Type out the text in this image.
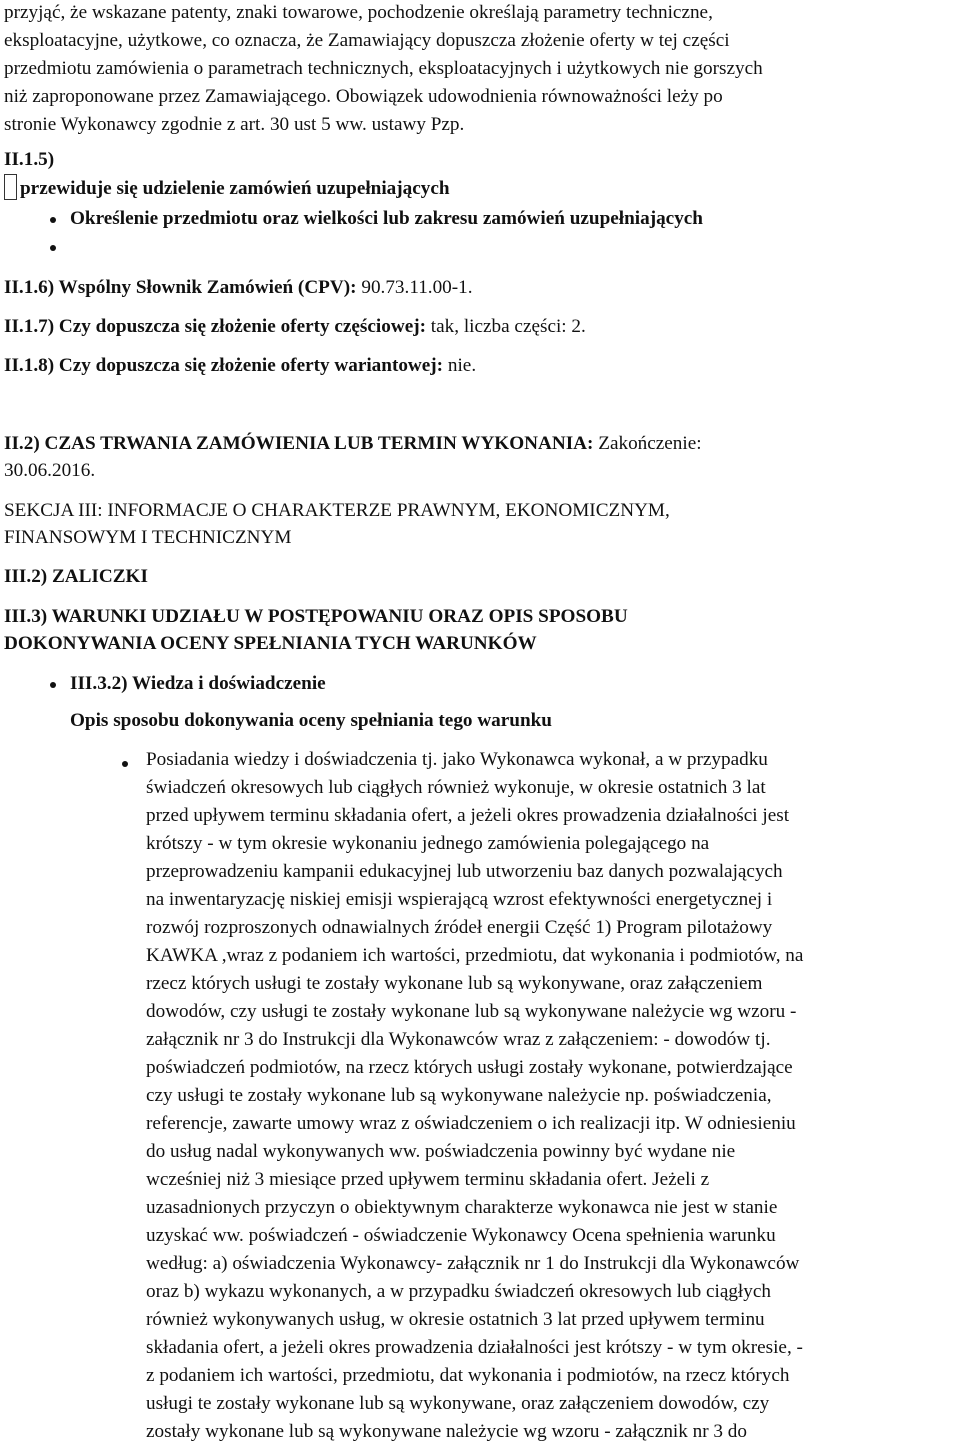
przyjąć, że wskazane patenty, znaki towarowe, pochodzenie określają parametry techniczne,
eksploatacyjne, użytkowe, co oznacza, że Zamawiający dopuszcza złożenie oferty w tej części
przedmiotu zamówienia o parametrach technicznych, eksploatacyjnych i użytkowych nie gorszych
niż zaproponowane przez Zamawiającego. Obowiązek udowodnienia równoważności leży po
stronie Wykonawcy zgodnie z art. 30 ust 5 ww. ustawy Pzp.
II.1.5)
przewiduje się udzielenie zamówień uzupełniających
Określenie przedmiotu oraz wielkości lub zakresu zamówień uzupełniających
II.1.6) Wspólny Słownik Zamówień (CPV): 90.73.11.00-1.
II.1.7) Czy dopuszcza się złożenie oferty częściowej: tak, liczba części: 2.
II.1.8) Czy dopuszcza się złożenie oferty wariantowej: nie.
II.2) CZAS TRWANIA ZAMÓWIENIA LUB TERMIN WYKONANIA: Zakończenie:
30.06.2016.
SEKCJA III: INFORMACJE O CHARAKTERZE PRAWNYM, EKONOMICZNYM,
FINANSOWYM I TECHNICZNYM
III.2) ZALICZKI
III.3) WARUNKI UDZIAŁU W POSTĘPOWANIU ORAZ OPIS SPOSOBU
DOKONYWANIA OCENY SPEŁNIANIA TYCH WARUNKÓW
III.3.2) Wiedza i doświadczenie
Opis sposobu dokonywania oceny spełniania tego warunku
Posiadania wiedzy i doświadczenia tj. jako Wykonawca wykonał, a w przypadku
świadczeń okresowych lub ciągłych również wykonuje, w okresie ostatnich 3 lat
przed upływem terminu składania ofert, a jeżeli okres prowadzenia działalności jest
krótszy - w tym okresie wykonaniu jednego zamówienia polegającego na
przeprowadzeniu kampanii edukacyjnej lub utworzeniu baz danych pozwalających
na inwentaryzację niskiej emisji wspierającą wzrost efektywności energetycznej i
rozwój rozproszonych odnawialnych źródeł energii Część 1) Program pilotażowy
KAWKA ,wraz z podaniem ich wartości, przedmiotu, dat wykonania i podmiotów, na
rzecz których usługi te zostały wykonane lub są wykonywane, oraz załączeniem
dowodów, czy usługi te zostały wykonane lub są wykonywane należycie wg wzoru -
załącznik nr 3 do Instrukcji dla Wykonawców wraz z załączeniem: - dowodów tj.
poświadczeń podmiotów, na rzecz których usługi zostały wykonane, potwierdzające
czy usługi te zostały wykonane lub są wykonywane należycie np. poświadczenia,
referencje, zawarte umowy wraz z oświadczeniem o ich realizacji itp. W odniesieniu
do usług nadal wykonywanych ww. poświadczenia powinny być wydane nie
wcześniej niż 3 miesiące przed upływem terminu składania ofert. Jeżeli z
uzasadnionych przyczyn o obiektywnym charakterze wykonawca nie jest w stanie
uzyskać ww. poświadczeń - oświadczenie Wykonawcy Ocena spełnienia warunku
według: a) oświadczenia Wykonawcy- załącznik nr 1 do Instrukcji dla Wykonawców
oraz b) wykazu wykonanych, a w przypadku świadczeń okresowych lub ciągłych
również wykonywanych usług, w okresie ostatnich 3 lat przed upływem terminu
składania ofert, a jeżeli okres prowadzenia działalności jest krótszy - w tym okresie, -
z podaniem ich wartości, przedmiotu, dat wykonania i podmiotów, na rzecz których
usługi te zostały wykonane lub są wykonywane, oraz załączeniem dowodów, czy
zostały wykonane lub są wykonywane należycie wg wzoru - załącznik nr 3 do
